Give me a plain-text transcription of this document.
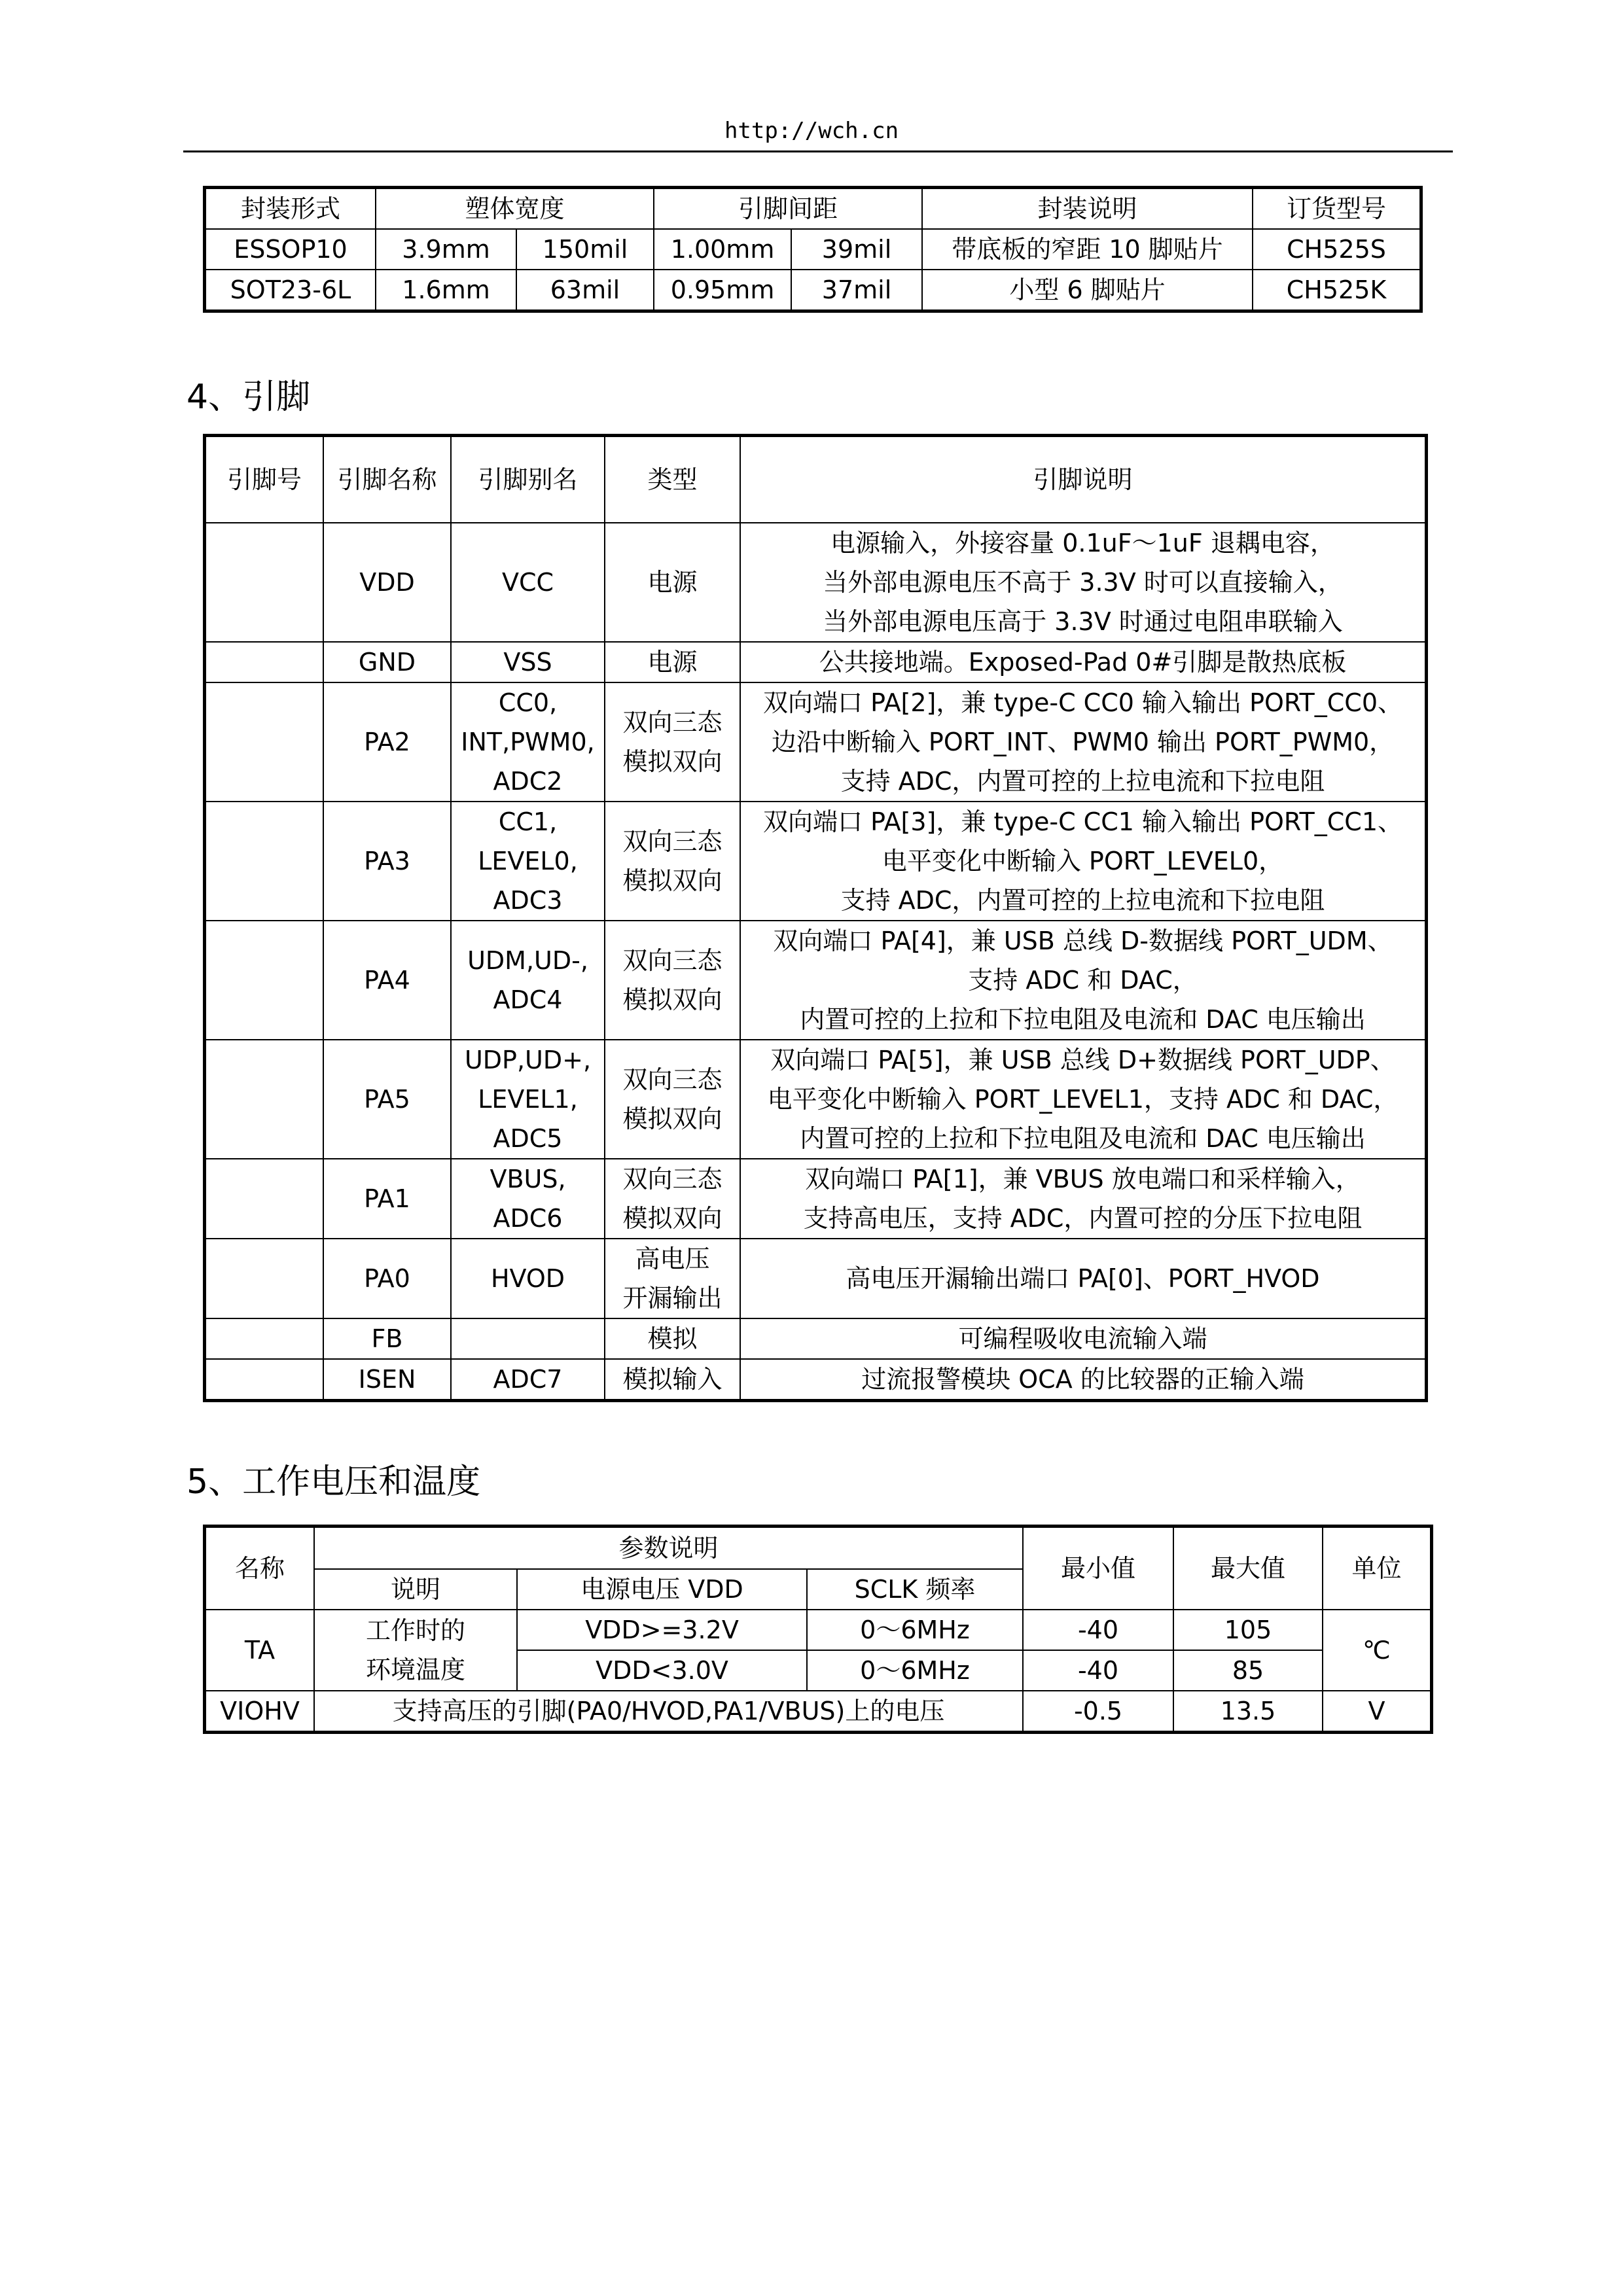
http://wch.cn
封装形式	塑体宽度		引脚间距		封装说明	订货型号
ESSOP10	3.9mm	150mil	1.00mm	39mil	带底板的窄距 10 脚贴片	CH525S
SOT23-6L	1.6mm	63mil	0.95mm	37mil	小型 6 脚贴片	CH525K
4、引脚
引脚号	引脚名称	引脚别名	类型	引脚说明
	VDD	VCC	电源	电源输入，外接容量 0.1uF～1uF 退耦电容，
当外部电源电压不高于 3.3V 时可以直接输入，
当外部电源电压高于 3.3V 时通过电阻串联输入

	GND	VSS	电源	公共接地端。Exposed-Pad 0#引脚是散热底板

	PA2	CC0,
INT,PWM0,
ADC2	双向三态
模拟双向	双向端口 PA[2]，兼 type-C CC0 输入输出 PORT_CC0、
边沿中断输入 PORT_INT、PWM0 输出 PORT_PWM0，
支持 ADC，内置可控的上拉电流和下拉电阻

	PA3	CC1,
LEVEL0,
ADC3	双向三态
模拟双向	双向端口 PA[3]，兼 type-C CC1 输入输出 PORT_CC1、
电平变化中断输入 PORT_LEVEL0，
支持 ADC，内置可控的上拉电流和下拉电阻

	PA4	UDM,UD-,
ADC4	双向三态
模拟双向	双向端口 PA[4]，兼 USB 总线 D-数据线 PORT_UDM、
支持 ADC 和 DAC，
内置可控的上拉和下拉电阻及电流和 DAC 电压输出

	PA5	UDP,UD+,
LEVEL1,
ADC5	双向三态
模拟双向	双向端口 PA[5]，兼 USB 总线 D+数据线 PORT_UDP、
电平变化中断输入 PORT_LEVEL1，支持 ADC 和 DAC，
内置可控的上拉和下拉电阻及电流和 DAC 电压输出

	PA1	VBUS,
ADC6	双向三态
模拟双向	双向端口 PA[1]，兼 VBUS 放电端口和采样输入，
支持高电压，支持 ADC，内置可控的分压下拉电阻

	PA0	HVOD	高电压
开漏输出	高电压开漏输出端口 PA[0]、PORT_HVOD

	FB		模拟	可编程吸收电流输入端

	ISEN	ADC7	模拟输入	过流报警模块 OCA 的比较器的正输入端
5、工作电压和温度
名称	参数说明			最小值	最大值	单位
	说明	电源电压 VDD	SCLK 频率			
TA	工作时的
环境温度	VDD>=3.2V	0～6MHz	-40	105	℃
		VDD<3.0V	0～6MHz	-40	85	
VIOHV	支持高压的引脚(PA0/HVOD,PA1/VBUS)上的电压			-0.5	13.5	V
